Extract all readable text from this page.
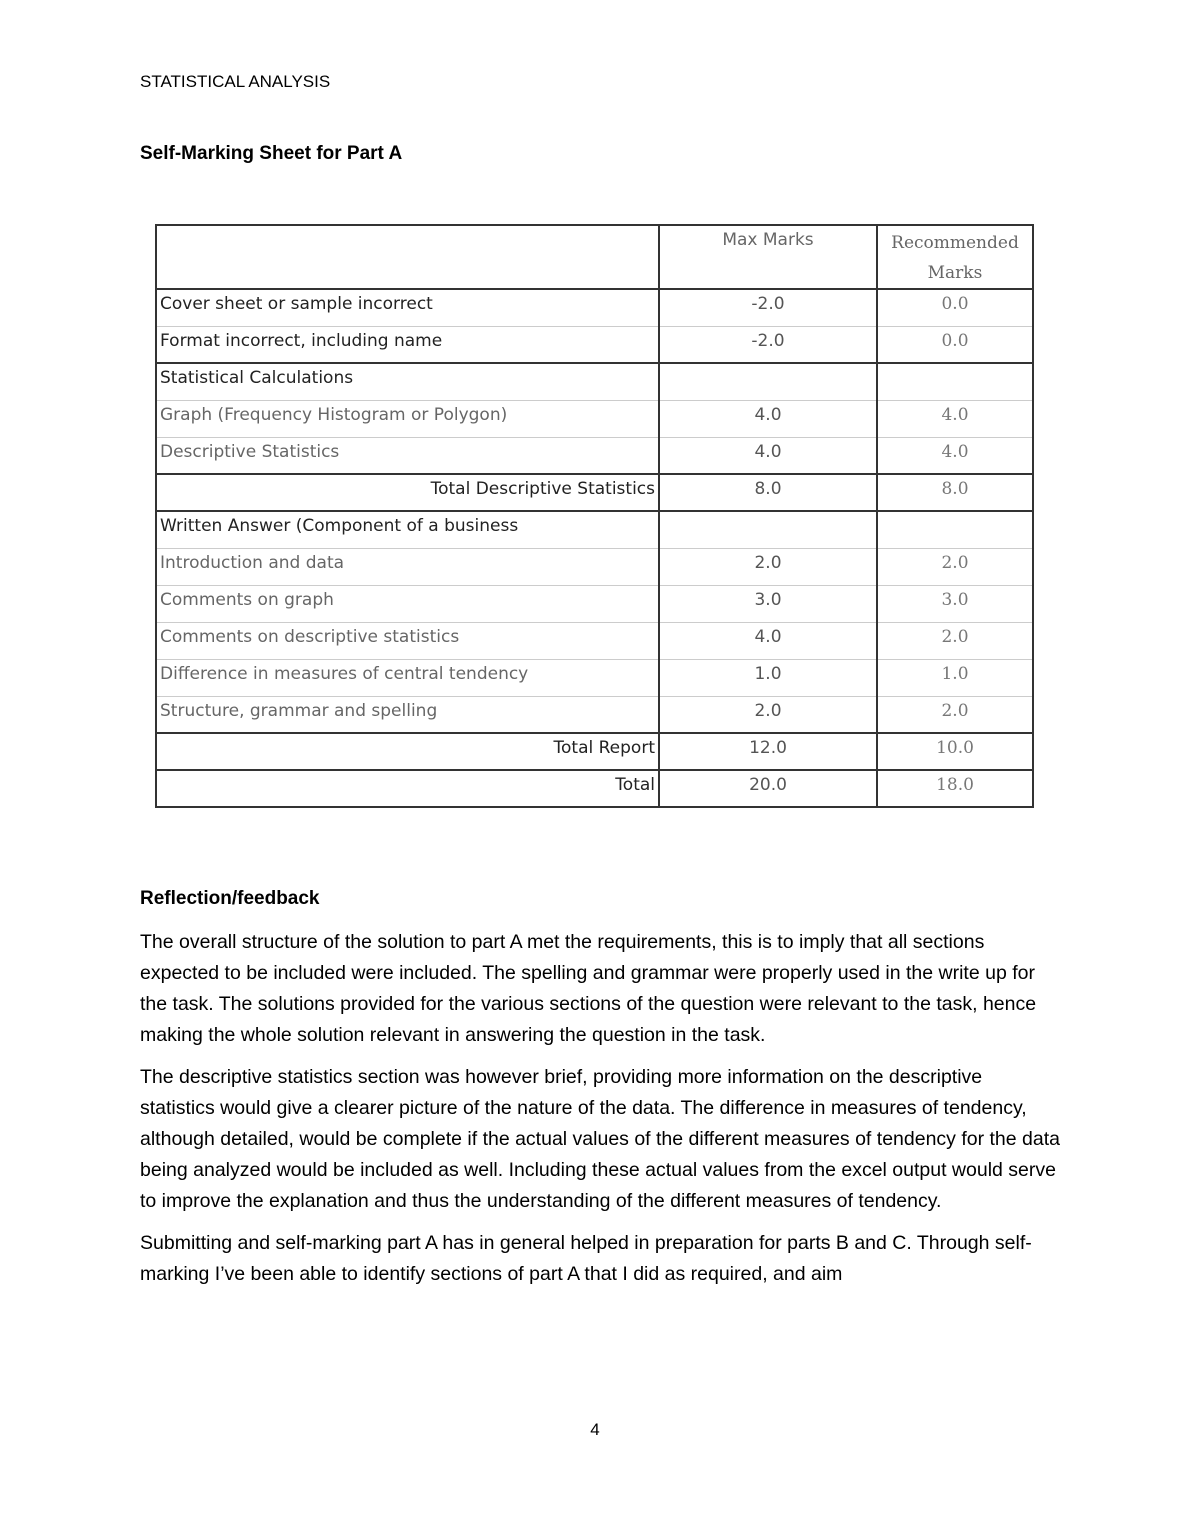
STATISTICAL ANALYSIS
Self-Marking Sheet for Part A
	Max Marks	Recommended Marks
Cover sheet or sample incorrect	-2.0	0.0
Format incorrect, including name	-2.0	0.0
Statistical Calculations		
Graph (Frequency Histogram or Polygon)	4.0	4.0
Descriptive Statistics	4.0	4.0
Total Descriptive Statistics	8.0	8.0
Written Answer (Component of a business		
Introduction and data	2.0	2.0
Comments on graph	3.0	3.0
Comments on descriptive statistics	4.0	2.0
Difference in measures of central tendency	1.0	1.0
Structure, grammar and spelling	2.0	2.0
Total Report	12.0	10.0
Total	20.0	18.0
Reflection/feedback

The overall structure of the solution to part A met the requirements, this is to imply that all sections expected to be included were included. The spelling and grammar were properly used in the write up for the task. The solutions provided for the various sections of the question were relevant to the task, hence making the whole solution relevant in answering the question in the task.

The descriptive statistics section was however brief, providing more information on the descriptive statistics would give a clearer picture of the nature of the data. The difference in measures of tendency, although detailed, would be complete if the actual values of the different measures of tendency for the data being analyzed would be included as well. Including these actual values from the excel output would serve to improve the explanation and thus the understanding of the different measures of tendency.

Submitting and self-marking part A has in general helped in preparation for parts B and C. Through self-marking I’ve been able to identify sections of part A that I did as required, and aim

4
